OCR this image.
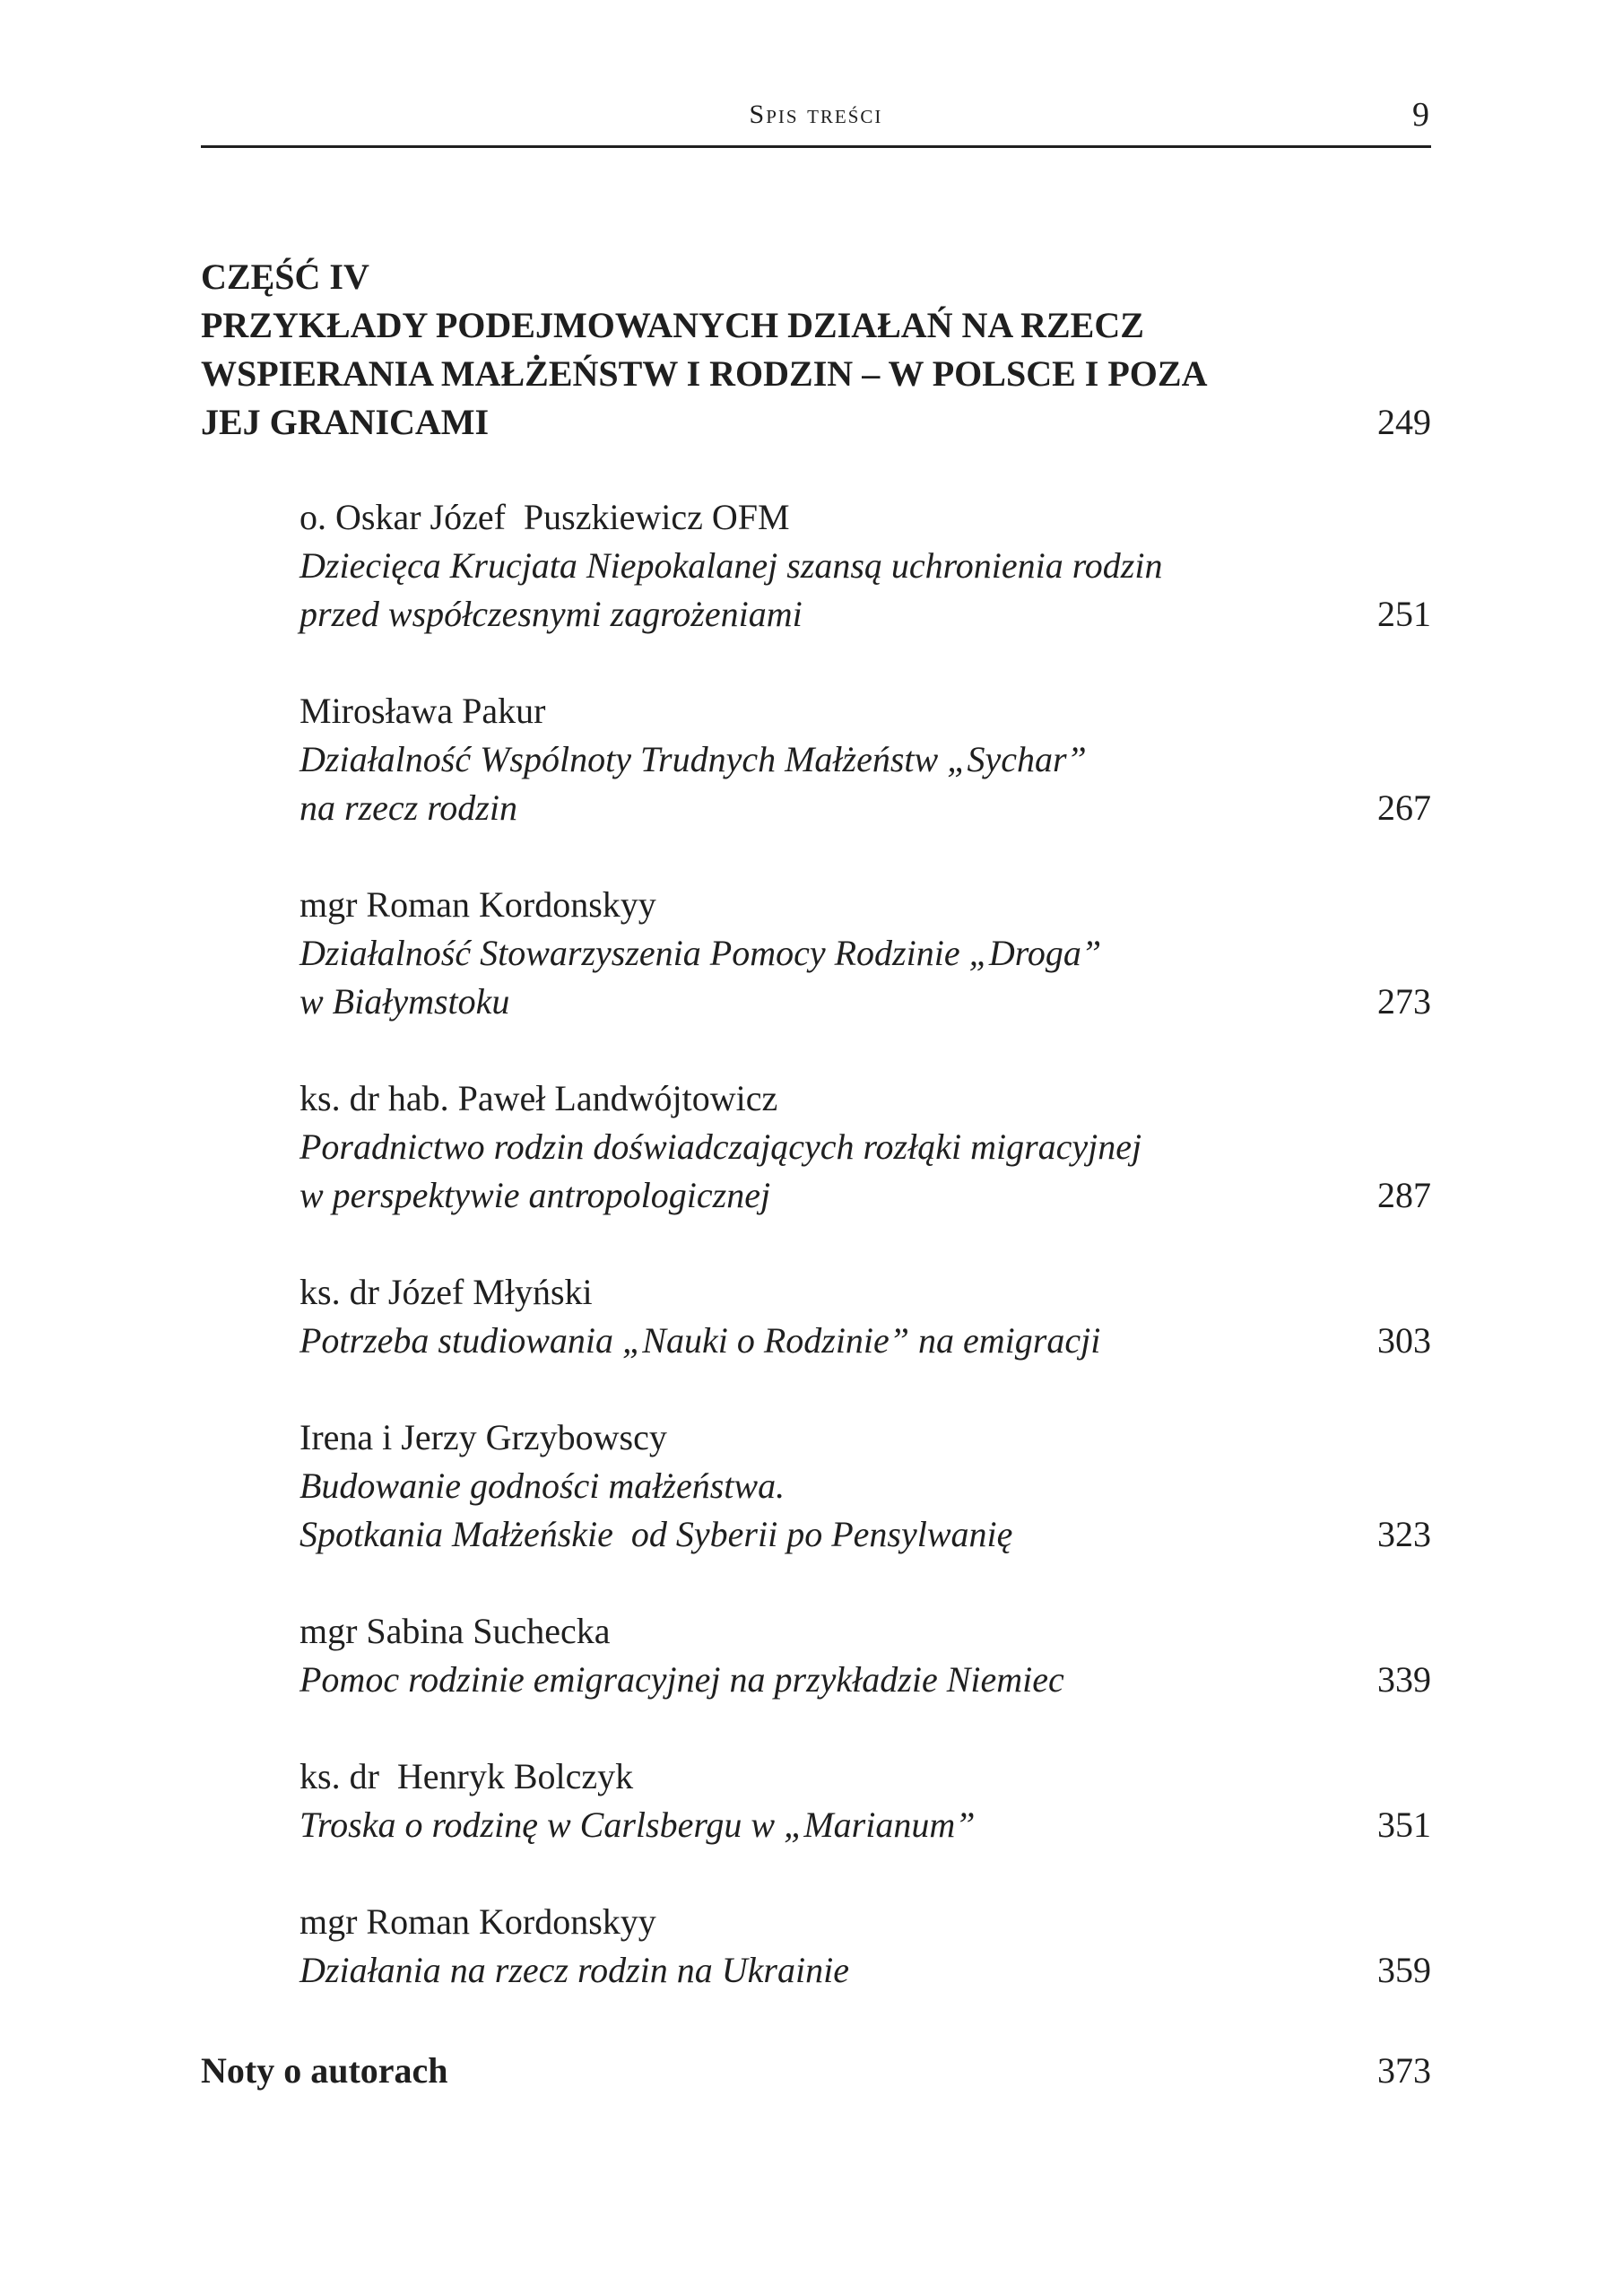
Spis treści	9
CZĘŚĆ IV
PRZYKŁADY PODEJMOWANYCH DZIAŁAŃ NA RZECZ
WSPIERANIA MAŁŻEŃSTW I RODZIN – W POLSCE I POZA
JEJ GRANICAMI	249
o. Oskar Józef  Puszkiewicz OFM
Dziecięca Krucjata Niepokalanej szansą uchronienia rodzin
przed współczesnymi zagrożeniami	251
Mirosława Pakur
Działalność Wspólnoty Trudnych Małżeństw „Sychar”
na rzecz rodzin	267
mgr Roman Kordonskyy
Działalność Stowarzyszenia Pomocy Rodzinie „Droga”
w Białymstoku	273
ks. dr hab. Paweł Landwójtowicz
Poradnictwo rodzin doświadczających rozłąki migracyjnej
w perspektywie antropologicznej	287
ks. dr Józef Młyński
Potrzeba studiowania „Nauki o Rodzinie” na emigracji	303
Irena i Jerzy Grzybowscy
Budowanie godności małżeństwa.
Spotkania Małżeńskie  od Syberii po Pensylwanię	323
mgr Sabina Suchecka
Pomoc rodzinie emigracyjnej na przykładzie Niemiec	339
ks. dr  Henryk Bolczyk
Troska o rodzinę w Carlsbergu w „Marianum”	351
mgr Roman Kordonskyy
Działania na rzecz rodzin na Ukrainie	359
Noty o autorach	373
